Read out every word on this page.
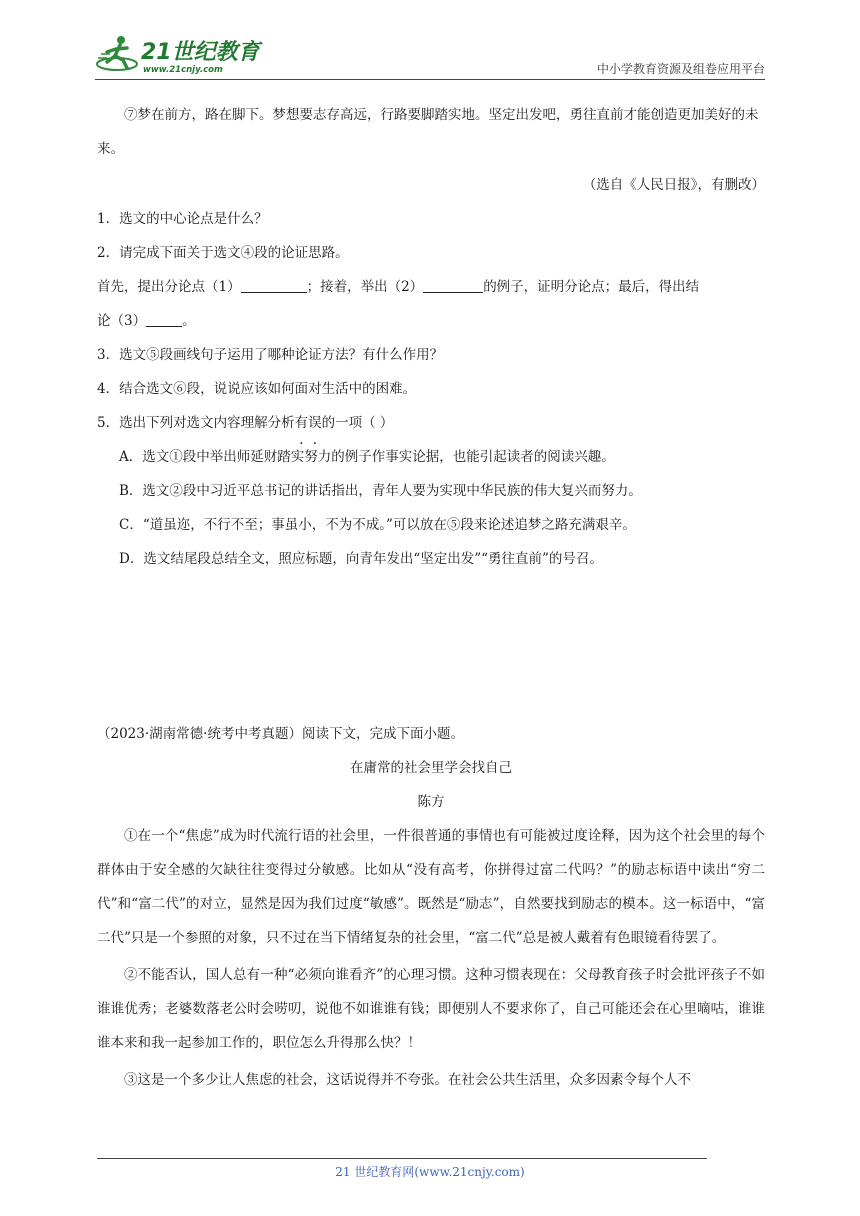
21世纪教育
www.21cnjy.com	中小学教育资源及组卷应用平台

⑦梦在前方，路在脚下。梦想要志存高远，行路要脚踏实地。坚定出发吧，勇往直前才能创造更加美好的未来。

（选自《人民日报》，有删改）

1．选文的中心论点是什么？

2．请完成下面关于选文④段的论证思路。

首先，提出分论点（1）	；接着，举出（2）	的例子，证明分论点；最后，得出结
论（3）	。

3．选文⑤段画线句子运用了哪种论证方法？有什么作用？

4．结合选文⑥段，说说应该如何面对生活中的困难。

5．选出下列对选文内容理解分析有误的一项（ ）

A．选文①段中举出师延财踏实努力的例子作事实论据，也能引起读者的阅读兴趣。

B．选文②段中习近平总书记的讲话指出，青年人要为实现中华民族的伟大复兴而努力。

C．“道虽迩，不行不至；事虽小，不为不成。”可以放在⑤段来论述追梦之路充满艰辛。

D．选文结尾段总结全文，照应标题，向青年发出“坚定出发”“勇往直前”的号召。

（2023·湖南常德·统考中考真题）阅读下文，完成下面小题。

在庸常的社会里学会找自己

陈方

①在一个“焦虑”成为时代流行语的社会里，一件很普通的事情也有可能被过度诠释，因为这个社会里的每个群体由于安全感的欠缺往往变得过分敏感。比如从“没有高考，你拼得过富二代吗？”的励志标语中读出“穷二代”和“富二代”的对立，显然是因为我们过度“敏感”。既然是“励志”，自然要找到励志的模本。这一标语中，“富二代”只是一个参照的对象，只不过在当下情绪复杂的社会里，“富二代”总是被人戴着有色眼镜看待罢了。

②不能否认，国人总有一种“必须向谁看齐”的心理习惯。这种习惯表现在：父母教育孩子时会批评孩子不如谁谁优秀；老婆数落老公时会唠叨，说他不如谁谁有钱；即便别人不要求你了，自己可能还会在心里嘀咕，谁谁谁本来和我一起参加工作的，职位怎么升得那么快？！

③这是一个多少让人焦虑的社会，这话说得并不夸张。在社会公共生活里，众多因素令每个人不

21 世纪教育网(www.21cnjy.com)
